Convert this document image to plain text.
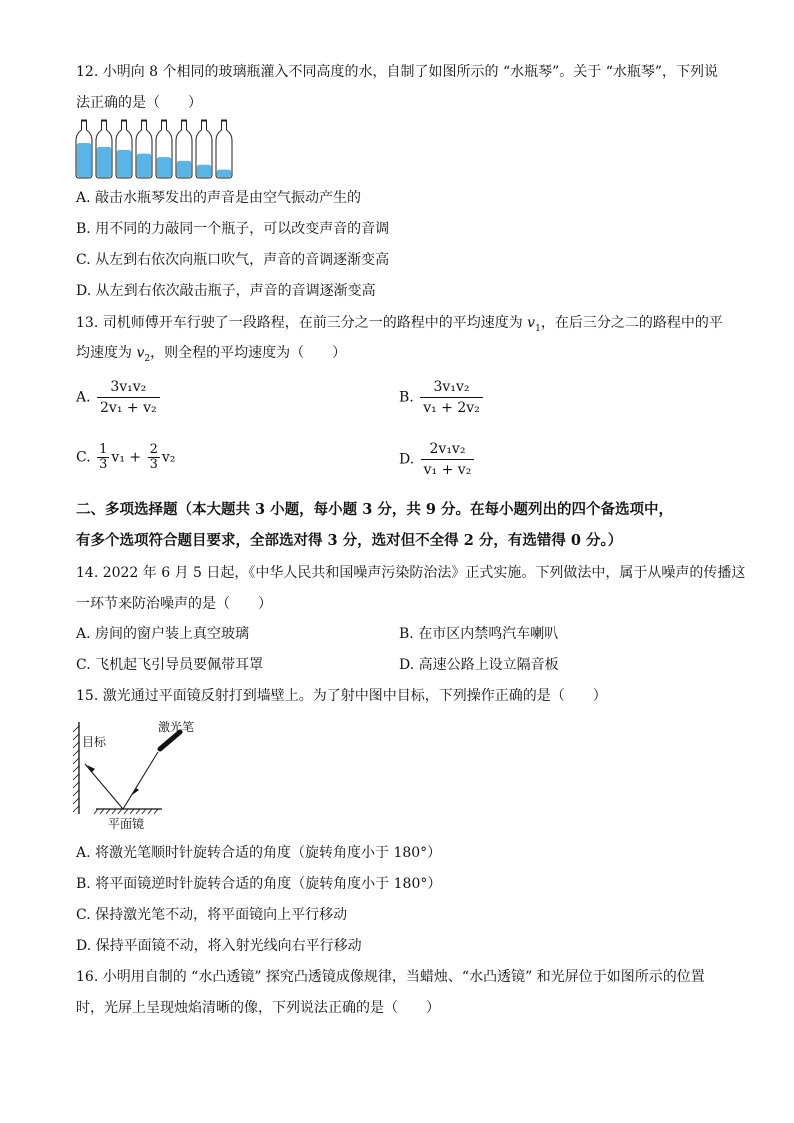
12. 小明向 8 个相同的玻璃瓶灌入不同高度的水，自制了如图所示的 “水瓶琴”。关于 “水瓶琴”，下列说
法正确的是（　　）
A. 敲击水瓶琴发出的声音是由空气振动产生的
B. 用不同的力敲同一个瓶子，可以改变声音的音调
C. 从左到右依次向瓶口吹气，声音的音调逐渐变高
D. 从左到右依次敲击瓶子，声音的音调逐渐变高
13. 司机师傅开车行驶了一段路程，在前三分之一的路程中的平均速度为 $v_1$，在后三分之二的路程中的平
均速度为 $v_2$，则全程的平均速度为（　　）
A. $\frac{\text{3v₁v₂}}{\text{2v₁ + v₂}}$	B. $\frac{\text{3v₁v₂}}{\text{v₁ + 2v₂}}$
C. $\frac{1}{3} v_1 + \frac{2}{3} v_2$	D. $\frac{\text{2v₁v₂}}{\text{v₁ + v₂}}$
二、多项选择题（本大题共 3 小题，每小题 3 分，共 9 分。在每小题列出的四个备选项中，
有多个选项符合题目要求，全部选对得 3 分，选对但不全得 2 分，有选错得 0 分。）
14. 2022 年 6 月 5 日起，《中华人民共和国噪声污染防治法》正式实施。下列做法中，属于从噪声的传播这
一环节来防治噪声的是（　　）
A. 房间的窗户装上真空玻璃	B. 在市区内禁鸣汽车喇叭
C. 飞机起飞引导员要佩带耳罩	D. 高速公路上设立隔音板
15. 激光通过平面镜反射打到墙壁上。为了射中图中目标，下列操作正确的是（　　）
目标
平面镜
激光笔
A. 将激光笔顺时针旋转合适的角度（旋转角度小于 180°）
B. 将平面镜逆时针旋转合适的角度（旋转角度小于 180°）
C. 保持激光笔不动，将平面镜向上平行移动
D. 保持平面镜不动，将入射光线向右平行移动
16. 小明用自制的 “水凸透镜” 探究凸透镜成像规律，当蜡烛、“水凸透镜” 和光屏位于如图所示的位置
时，光屏上呈现烛焰清晰的像，下列说法正确的是（　　）
